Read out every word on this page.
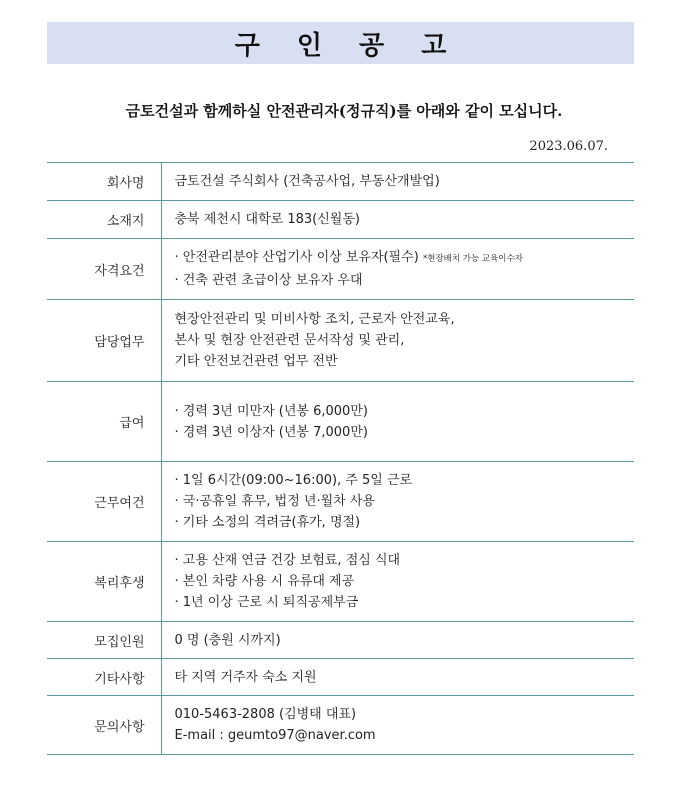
구 인 공 고
금토건설과 함께하실 안전관리자(정규직)를 아래와 같이 모십니다.
2023.06.07.
회사명	금토건설 주식회사 (건축공사업, 부동산개발업)
소재지	충북 제천시 대학로 183(신월동)
자격요건	· 안전관리분야 산업기사 이상 보유자(필수) *현장배치 가능 교육이수자
· 건축 관련 초급이상 보유자 우대

담당업무	현장안전관리 및 미비사항 조치, 근로자 안전교육,
본사 및 현장 안전관련 문서작성 및 관리,
기타 안전보건관련 업무 전반

급여	· 경력 3년 미만자 (년봉 6,000만)
· 경력 3년 이상자 (년봉 7,000만)

근무여건	· 1일 6시간(09:00~16:00), 주 5일 근로
· 국·공휴일 휴무, 법정 년·월차 사용
· 기타 소정의 격려금(휴가, 명절)

복리후생	· 고용 산재 연금 건강 보험료, 점심 식대
· 본인 차량 사용 시 유류대 제공
· 1년 이상 근로 시 퇴직공제부금

모집인원	0 명 (충원 시까지)
기타사항	타 지역 거주자 숙소 지원
문의사항	010-5463-2808 (김병태 대표)
E-mail : geumto97@naver.com
